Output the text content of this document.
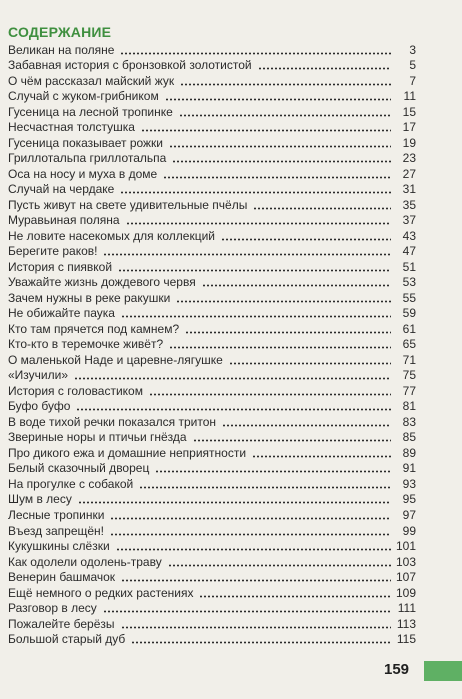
СОДЕРЖАНИЕ
Великан на поляне	3
Забавная история с бронзовкой золотистой	5
О чём рассказал майский жук	7
Случай с жуком-грибником	11
Гусеница на лесной тропинке	15
Несчастная толстушка	17
Гусеница показывает рожки	19
Гриллотальпа гриллотальпа	23
Оса на носу и муха в доме	27
Случай на чердаке	31
Пусть живут на свете удивительные пчёлы	35
Муравьиная поляна	37
Не ловите насекомых для коллекций	43
Берегите раков!	47
История с пиявкой	51
Уважайте жизнь дождевого червя	53
Зачем нужны в реке ракушки	55
Не обижайте паука	59
Кто там прячется под камнем?	61
Кто-кто в теремочке живёт?	65
О маленькой Наде и царевне-лягушке	71
«Изучили»	75
История с головастиком	77
Буфо буфо	81
В воде тихой речки показался тритон	83
Звериные норы и птичьи гнёзда	85
Про дикого ежа и домашние неприятности	89
Белый сказочный дворец	91
На прогулке с собакой	93
Шум в лесу	95
Лесные тропинки	97
Въезд запрещён!	99
Кукушкины слёзки	101
Как одолели одолень-траву	103
Венерин башмачок	107
Ещё немного о редких растениях	109
Разговор в лесу	111
Пожалейте берёзы	113
Большой старый дуб	115
159
